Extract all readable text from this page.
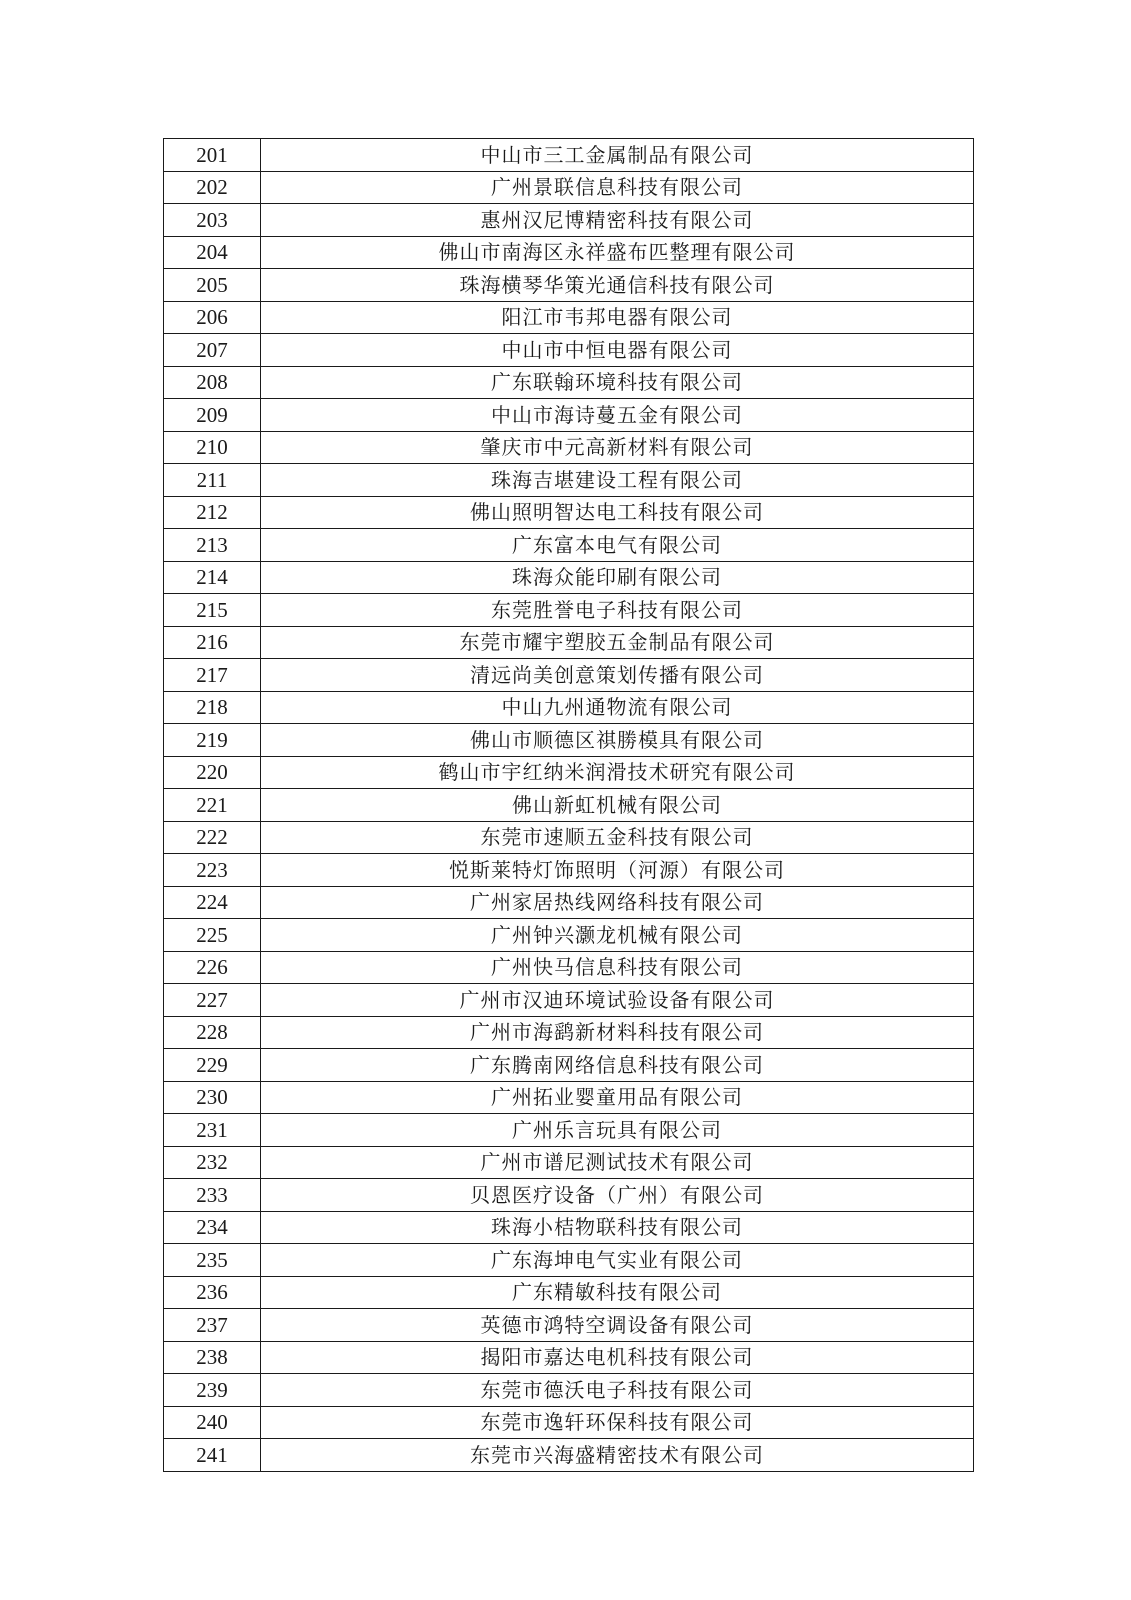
201	中山市三工金属制品有限公司
202	广州景联信息科技有限公司
203	惠州汉尼博精密科技有限公司
204	佛山市南海区永祥盛布匹整理有限公司
205	珠海横琴华策光通信科技有限公司
206	阳江市韦邦电器有限公司
207	中山市中恒电器有限公司
208	广东联翰环境科技有限公司
209	中山市海诗蔓五金有限公司
210	肇庆市中元高新材料有限公司
211	珠海吉堪建设工程有限公司
212	佛山照明智达电工科技有限公司
213	广东富本电气有限公司
214	珠海众能印刷有限公司
215	东莞胜誉电子科技有限公司
216	东莞市耀宇塑胶五金制品有限公司
217	清远尚美创意策划传播有限公司
218	中山九州通物流有限公司
219	佛山市顺德区祺勝模具有限公司
220	鹤山市宇红纳米润滑技术研究有限公司
221	佛山新虹机械有限公司
222	东莞市速顺五金科技有限公司
223	悦斯莱特灯饰照明（河源）有限公司
224	广州家居热线网络科技有限公司
225	广州钟兴灏龙机械有限公司
226	广州快马信息科技有限公司
227	广州市汉迪环境试验设备有限公司
228	广州市海鹞新材料科技有限公司
229	广东腾南网络信息科技有限公司
230	广州拓业婴童用品有限公司
231	广州乐言玩具有限公司
232	广州市谱尼测试技术有限公司
233	贝恩医疗设备（广州）有限公司
234	珠海小桔物联科技有限公司
235	广东海坤电气实业有限公司
236	广东精敏科技有限公司
237	英德市鸿特空调设备有限公司
238	揭阳市嘉达电机科技有限公司
239	东莞市德沃电子科技有限公司
240	东莞市逸轩环保科技有限公司
241	东莞市兴海盛精密技术有限公司
